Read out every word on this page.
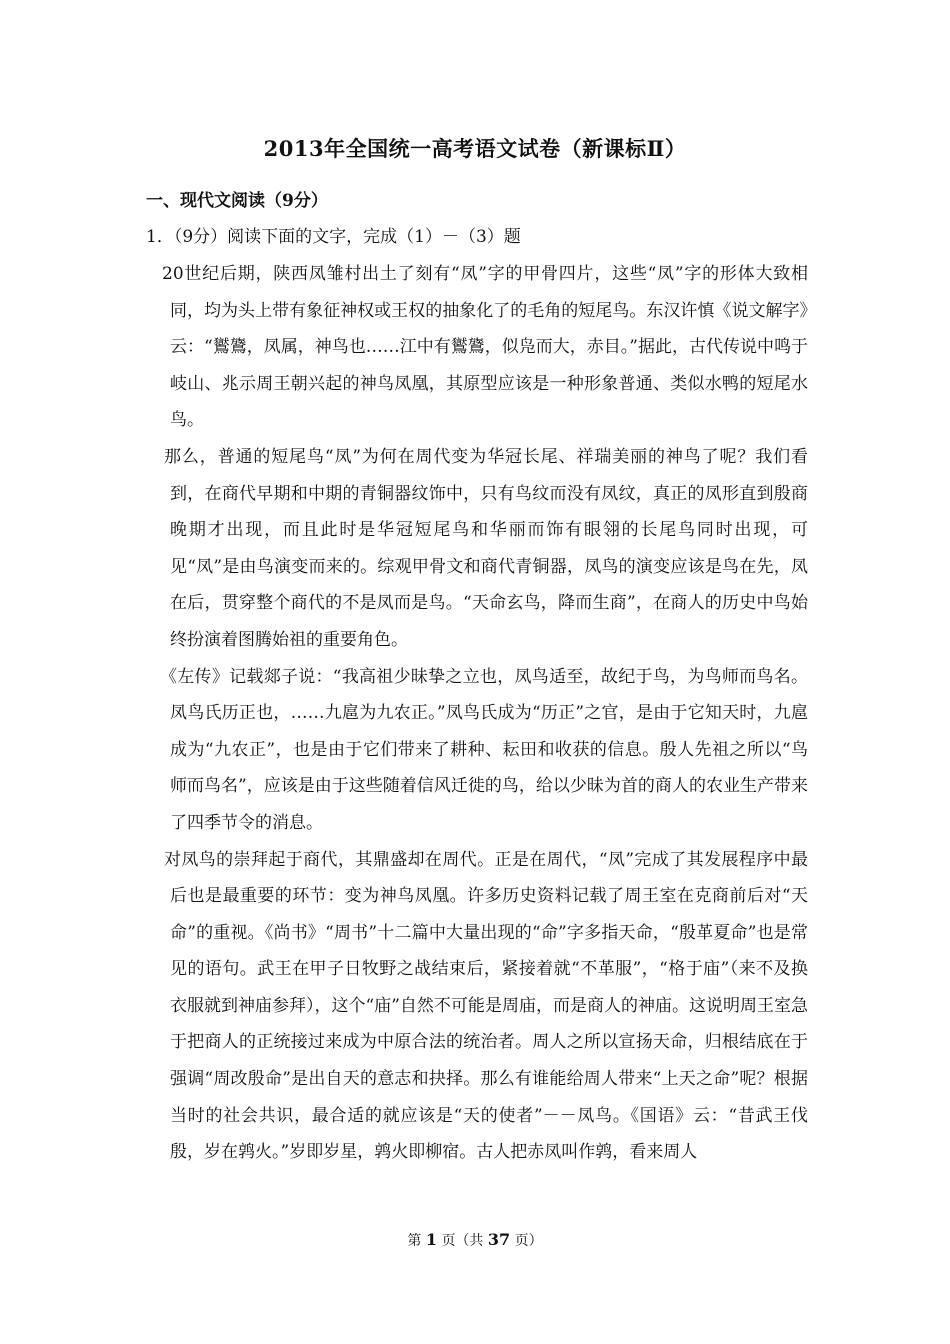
2013年全国统一高考语文试卷（新课标Ⅱ）
一、现代文阅读（9分）
1．（9分）阅读下面的文字，完成（1）－（3）题

20世纪后期，陕西凤雏村出土了刻有“凤”字的甲骨四片，这些“凤”字的形体大致相同，均为头上带有象征神权或王权的抽象化了的毛角的短尾鸟。东汉许慎《说文解字》云：“鸑鷟，凤属，神鸟也……江中有鸑鷟，似凫而大，赤目。”据此，古代传说中鸣于岐山、兆示周王朝兴起的神鸟凤凰，其原型应该是一种形象普通、类似水鸭的短尾水鸟。

那么，普通的短尾鸟“凤”为何在周代变为华冠长尾、祥瑞美丽的神鸟了呢？我们看到，在商代早期和中期的青铜器纹饰中，只有鸟纹而没有凤纹，真正的凤形直到殷商晚期才出现，而且此时是华冠短尾鸟和华丽而饰有眼翎的长尾鸟同时出现，可见“凤”是由鸟演变而来的。综观甲骨文和商代青铜器，凤鸟的演变应该是鸟在先，凤在后，贯穿整个商代的不是凤而是鸟。“天命玄鸟，降而生商”，在商人的历史中鸟始终扮演着图腾始祖的重要角色。

《左传》记载郯子说：“我高祖少昧挚之立也，凤鸟适至，故纪于鸟，为鸟师而鸟名。凤鸟氏历正也，……九扈为九农正。”凤鸟氏成为“历正”之官，是由于它知天时，九扈成为“九农正”，也是由于它们带来了耕种、耘田和收获的信息。殷人先祖之所以“鸟师而鸟名”，应该是由于这些随着信风迁徙的鸟，给以少昧为首的商人的农业生产带来了四季节令的消息。

对凤鸟的崇拜起于商代，其鼎盛却在周代。正是在周代，“凤”完成了其发展程序中最后也是最重要的环节：变为神鸟凤凰。许多历史资料记载了周王室在克商前后对“天命”的重视。《尚书》“周书”十二篇中大量出现的“命”字多指天命，“殷革夏命”也是常见的语句。武王在甲子日牧野之战结束后，紧接着就“不革服”，“格于庙”（来不及换衣服就到神庙参拜），这个“庙”自然不可能是周庙，而是商人的神庙。这说明周王室急于把商人的正统接过来成为中原合法的统治者。周人之所以宣扬天命，归根结底在于强调“周改殷命”是出自天的意志和抉择。那么有谁能给周人带来“上天之命”呢？根据当时的社会共识，最合适的就应该是“天的使者”－－凤鸟。《国语》云：“昔武王伐殷，岁在鹑火。”岁即岁星，鹑火即柳宿。古人把赤凤叫作鹑，看来周人

第 1 页（共 37 页）
